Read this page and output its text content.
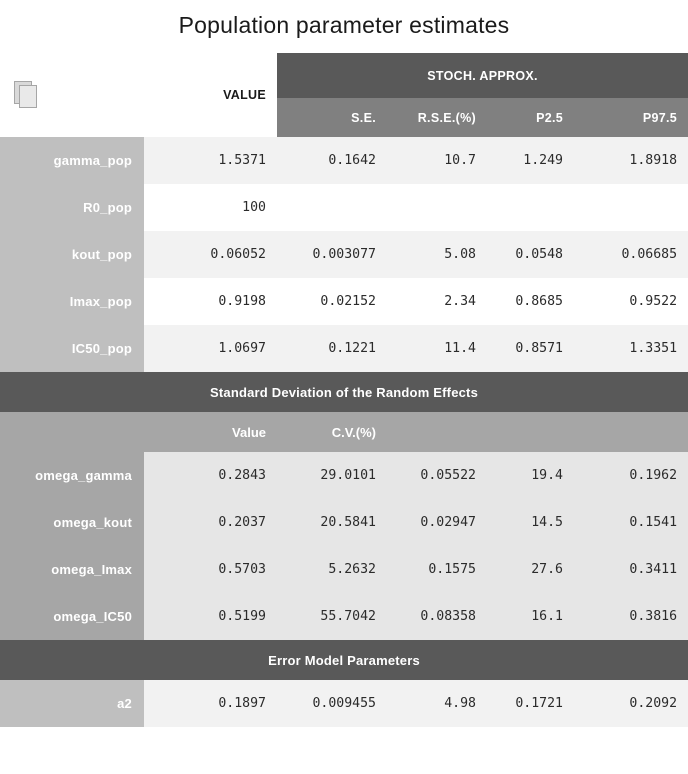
Population parameter estimates
	VALUE	STOCH. APPROX.			
		S.E.	R.S.E.(%)	P2.5	P97.5
gamma_pop	1.5371	0.1642	10.7	1.249	1.8918
R0_pop	100				
kout_pop	0.06052	0.003077	5.08	0.0548	0.06685
Imax_pop	0.9198	0.02152	2.34	0.8685	0.9522
IC50_pop	1.0697	0.1221	11.4	0.8571	1.3351
Standard Deviation of the Random Effects					
	Value	C.V.(%)			
omega_gamma	0.2843	29.0101	0.05522	19.4	0.1962
omega_kout	0.2037	20.5841	0.02947	14.5	0.1541
omega_Imax	0.5703	5.2632	0.1575	27.6	0.3411
omega_IC50	0.5199	55.7042	0.08358	16.1	0.3816
Error Model Parameters					
a2	0.1897	0.009455	4.98	0.1721	0.2092
